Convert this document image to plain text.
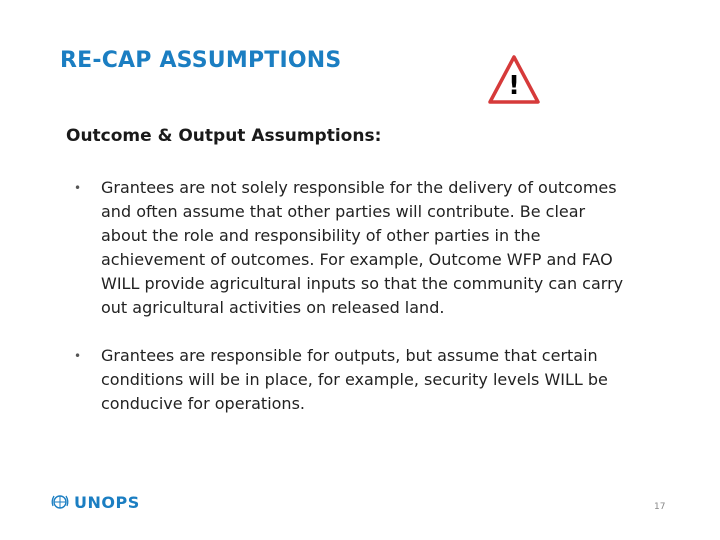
RE-CAP ASSUMPTIONS
!
Outcome & Output Assumptions:
• Grantees are not solely responsible for the delivery of outcomes and often assume that other parties will contribute. Be clear about the role and responsibility of other parties in the achievement of outcomes. For example, Outcome WFP and FAO WILL provide agricultural inputs so that the community can carry out agricultural activities on released land.
• Grantees are responsible for outputs, but assume that certain conditions will be in place, for example, security levels WILL be conducive for operations.
UNOPS	17
